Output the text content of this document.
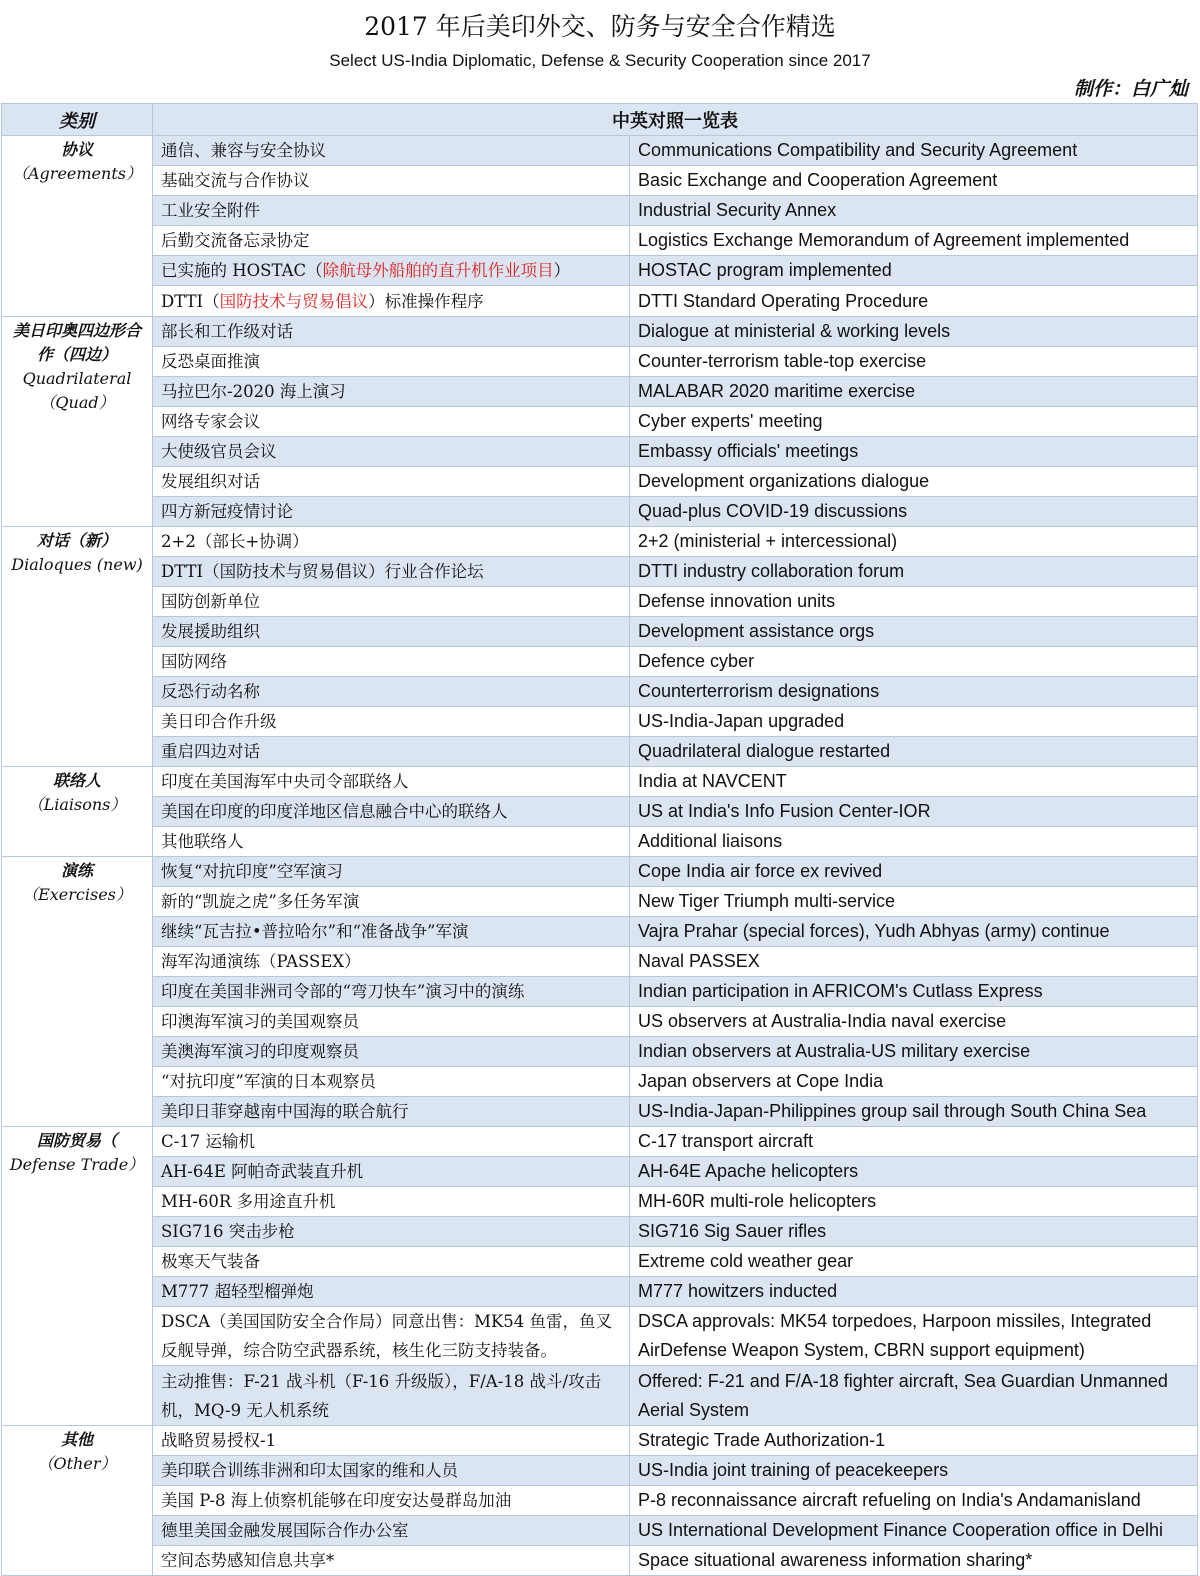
2017 年后美印外交、防务与安全合作精选
Select US-India Diplomatic, Defense & Security Cooperation since 2017
制作：白广灿
类别	中英对照一览表	

协议
（Agreements）	通信、兼容与安全协议	Communications Compatibility and Security Agreement
	基础交流与合作协议	Basic Exchange and Cooperation Agreement
	工业安全附件	Industrial Security Annex
	后勤交流备忘录协定	Logistics Exchange Memorandum of Agreement implemented
	已实施的 HOSTAC（除航母外船舶的直升机作业项目）	HOSTAC program implemented
	DTTI（国防技术与贸易倡议）标准操作程序	DTTI Standard Operating Procedure

美日印奥四边形合作（四边）
Quadrilateral（Quad）	部长和工作级对话	Dialogue at ministerial & working levels
	反恐桌面推演	Counter-terrorism table-top exercise
	马拉巴尔-2020 海上演习	MALABAR 2020 maritime exercise
	网络专家会议	Cyber experts' meeting
	大使级官员会议	Embassy officials' meetings
	发展组织对话	Development organizations dialogue
	四方新冠疫情讨论	Quad-plus COVID-19 discussions

对话（新）
Dialoques (new)	2+2（部长+协调）	2+2 (ministerial + intercessional)
	DTTI（国防技术与贸易倡议）行业合作论坛	DTTI industry collaboration forum
	国防创新单位	Defense innovation units
	发展援助组织	Development assistance orgs
	国防网络	Defence cyber
	反恐行动名称	Counterterrorism designations
	美日印合作升级	US-India-Japan upgraded
	重启四边对话	Quadrilateral dialogue restarted

联络人
（Liaisons）	印度在美国海军中央司令部联络人	India at NAVCENT
	美国在印度的印度洋地区信息融合中心的联络人	US at India's Info Fusion Center-IOR
	其他联络人	Additional liaisons

演练
（Exercises）	恢复“对抗印度”空军演习	Cope India air force ex revived
	新的“凯旋之虎”多任务军演	New Tiger Triumph multi-service
	继续“瓦吉拉•普拉哈尔”和“准备战争”军演	Vajra Prahar (special forces), Yudh Abhyas (army) continue
	海军沟通演练（PASSEX）	Naval PASSEX
	印度在美国非洲司令部的“弯刀快车”演习中的演练	Indian participation in AFRICOM's Cutlass Express
	印澳海军演习的美国观察员	US observers at Australia-India naval exercise
	美澳海军演习的印度观察员	Indian observers at Australia-US military exercise
	“对抗印度”军演的日本观察员	Japan observers at Cope India
	美印日菲穿越南中国海的联合航行	US-India-Japan-Philippines group sail through South China Sea

国防贸易（
Defense Trade）	C-17 运输机	C-17 transport aircraft
	AH-64E 阿帕奇武装直升机	AH-64E Apache helicopters
	MH-60R 多用途直升机	MH-60R multi-role helicopters
	SIG716 突击步枪	SIG716 Sig Sauer rifles
	极寒天气装备	Extreme cold weather gear
	M777 超轻型榴弹炮	M777 howitzers inducted
	DSCA（美国国防安全合作局）同意出售：MK54 鱼雷，鱼叉反舰导弹，综合防空武器系统，核生化三防支持装备。	DSCA approvals: MK54 torpedoes, Harpoon missiles, Integrated AirDefense Weapon System, CBRN support equipment)
	主动推售：F-21 战斗机（F-16 升级版），F/A-18 战斗/攻击机，MQ-9 无人机系统	Offered: F-21 and F/A-18 fighter aircraft, Sea Guardian Unmanned Aerial System

其他
（Other）	战略贸易授权-1	Strategic Trade Authorization-1
	美印联合训练非洲和印太国家的维和人员	US-India joint training of peacekeepers
	美国 P-8 海上侦察机能够在印度安达曼群岛加油	P-8 reconnaissance aircraft refueling on India's Andamanisland
	德里美国金融发展国际合作办公室	US International Development Finance Cooperation office in Delhi
	空间态势感知信息共享*	Space situational awareness information sharing*
